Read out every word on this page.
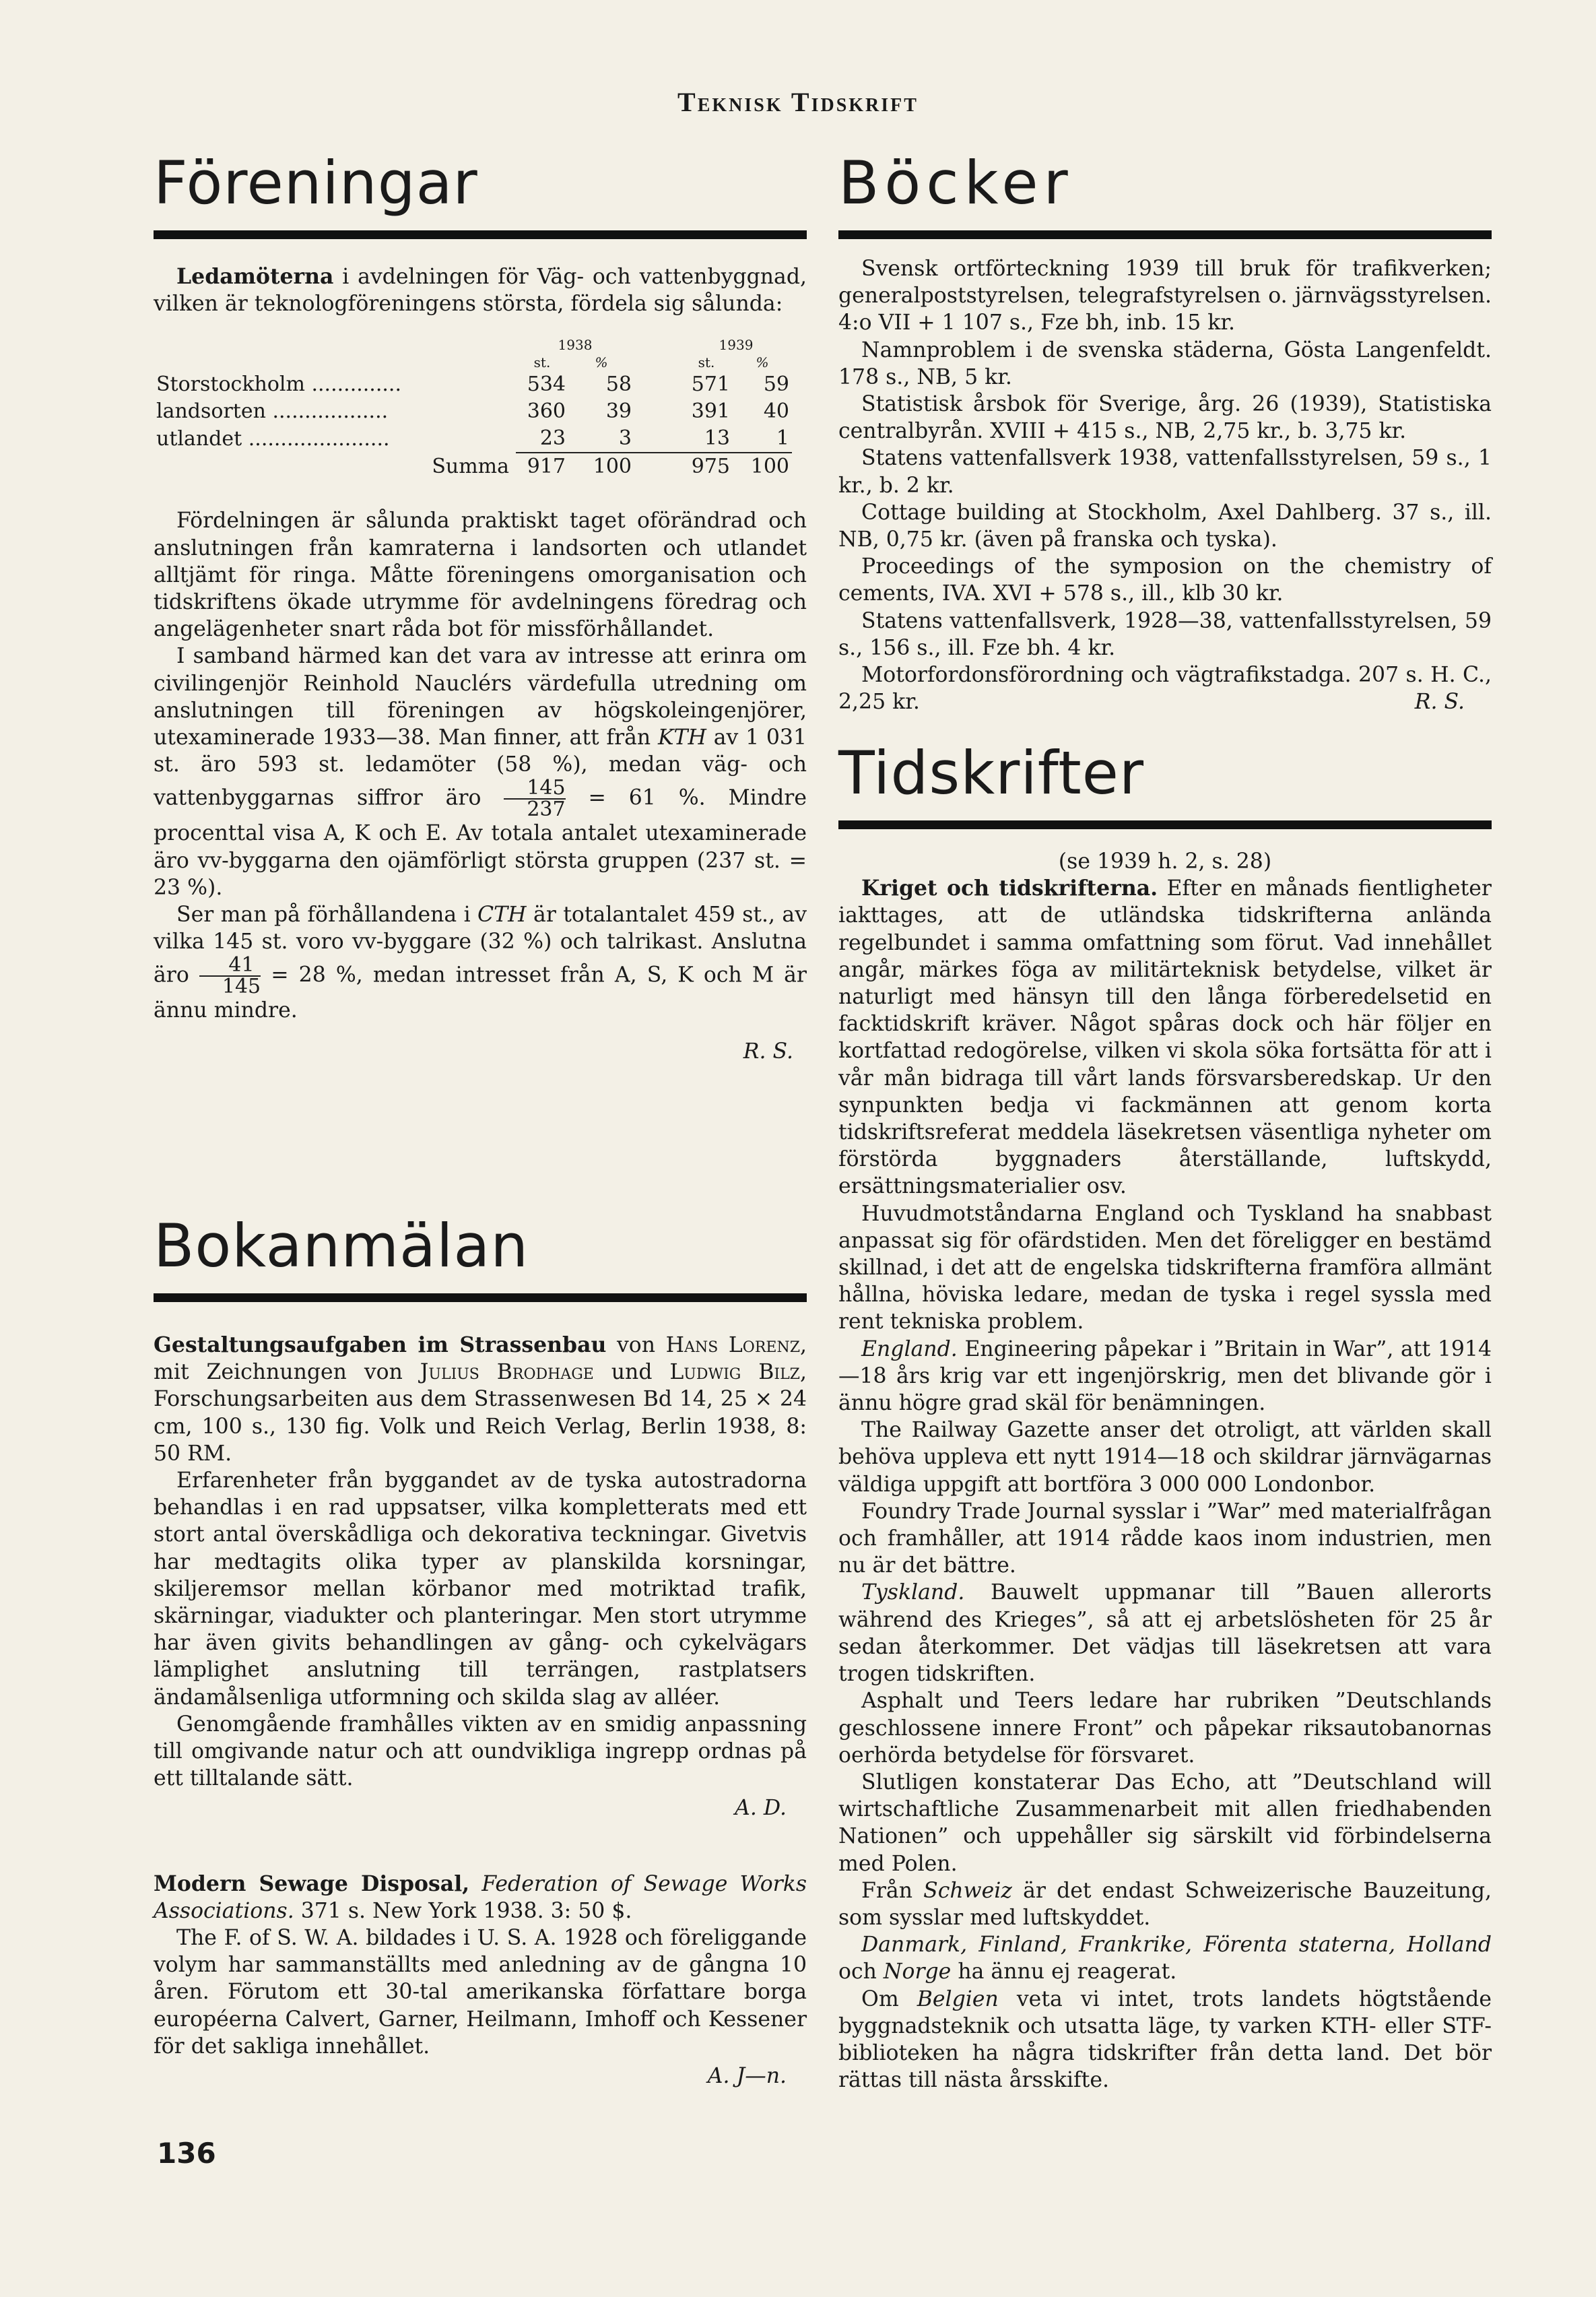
Teknisk Tidskrift
Föreningar

Ledamöterna i avdelningen för Väg- och vattenbyggnad, vilken är teknologföreningens största, fördela sig sålunda:

	1938			1939	
	st.	%		st.	%
Storstockholm ..............	534	58		571	59
landsorten ..................	360	39		391	40
utlandet ......................	23	3		13	1
Summa	917	100		975	100

Fördelningen är sålunda praktiskt taget oförändrad och anslutningen från kamraterna i landsorten och utlandet alltjämt för ringa. Måtte föreningens omorganisation och tidskriftens ökade utrymme för avdelningens föredrag och angelägenheter snart råda bot för missförhållandet.

I samband härmed kan det vara av intresse att erinra om civilingenjör Reinhold Nauclérs värdefulla utredning om anslutningen till föreningen av högskoleingenjörer, utexaminerade 1933—38. Man finner, att från KTH av 1 031 st. äro 593 st. ledamöter (58 %), medan väg- och vattenbyggarnas siffror äro $\frac{145}{237} = 61$ %. Mindre procenttal visa A, K och E. Av totala antalet utexaminerade äro vv-byggarna den ojämförligt största gruppen (237 st. = 23 %).

Ser man på förhållandena i CTH är totalantalet 459 st., av vilka 145 st. voro vv-byggare (32 %) och talrikast. Anslutna äro $\frac{41}{145} = 28$ %, medan intresset från A, S, K och M är ännu mindre.

R. S.
Bokanmälan

Gestaltungsaufgaben im Strassenbau von Hans Lorenz, mit Zeichnungen von Julius Brodhage und Ludwig Bilz, Forschungsarbeiten aus dem Strassenwesen Bd 14, 25 × 24 cm, 100 s., 130 fig. Volk und Reich Verlag, Berlin 1938, 8: 50 RM.

Erfarenheter från byggandet av de tyska autostradorna behandlas i en rad uppsatser, vilka kompletterats med ett stort antal överskådliga och dekorativa teckningar. Givetvis har medtagits olika typer av planskilda korsningar, skiljeremsor mellan körbanor med motriktad trafik, skärningar, viadukter och planteringar. Men stort utrymme har även givits behandlingen av gång- och cykelvägars lämplighet anslutning till terrängen, rastplatsers ändamålsenliga utformning och skilda slag av alléer.

Genomgående framhålles vikten av en smidig anpassning till omgivande natur och att oundvikliga ingrepp ordnas på ett tilltalande sätt.

A. D.

Modern Sewage Disposal, Federation of Sewage Works Associations. 371 s. New York 1938. 3: 50 $.

The F. of S. W. A. bildades i U. S. A. 1928 och föreliggande volym har sammanställts med anledning av de gångna 10 åren. Förutom ett 30-tal amerikanska författare borga européerna Calvert, Garner, Heilmann, Imhoff och Kessener för det sakliga innehållet.

A. J—n.
Böcker

Svensk ortförteckning 1939 till bruk för trafikverken; generalpoststyrelsen, telegrafstyrelsen o. järnvägsstyrelsen. 4:o VII + 1 107 s., Fze bh, inb. 15 kr.

Namnproblem i de svenska städerna, Gösta Langenfeldt. 178 s., NB, 5 kr.

Statistisk årsbok för Sverige, årg. 26 (1939), Statistiska centralbyrån. XVIII + 415 s., NB, 2,75 kr., b. 3,75 kr.

Statens vattenfallsverk 1938, vattenfallsstyrelsen, 59 s., 1 kr., b. 2 kr.

Cottage building at Stockholm, Axel Dahlberg. 37 s., ill. NB, 0,75 kr. (även på franska och tyska).

Proceedings of the symposion on the chemistry of cements, IVA. XVI + 578 s., ill., klb 30 kr.

Statens vattenfallsverk, 1928—38, vattenfallsstyrelsen, 59 s., 156 s., ill. Fze bh. 4 kr.

Motorfordonsförordning och vägtrafikstadga. 207 s. H. C., 2,25 kr.	R. S.
Tidskrifter

(se 1939 h. 2, s. 28)

Kriget och tidskrifterna. Efter en månads fientligheter iakttages, att de utländska tidskrifterna anlända regelbundet i samma omfattning som förut. Vad innehållet angår, märkes föga av militärteknisk betydelse, vilket är naturligt med hänsyn till den långa förberedelsetid en facktidskrift kräver. Något spåras dock och här följer en kortfattad redogörelse, vilken vi skola söka fortsätta för att i vår mån bidraga till vårt lands försvarsberedskap. Ur den synpunkten bedja vi fackmännen att genom korta tidskriftsreferat meddela läsekretsen väsentliga nyheter om förstörda byggnaders återställande, luftskydd, ersättningsmaterialier osv.

Huvudmotståndarna England och Tyskland ha snabbast anpassat sig för ofärdstiden. Men det föreligger en bestämd skillnad, i det att de engelska tidskrifterna framföra allmänt hållna, höviska ledare, medan de tyska i regel syssla med rent tekniska problem.

England. Engineering påpekar i ”Britain in War”, att 1914—18 års krig var ett ingenjörskrig, men det blivande gör i ännu högre grad skäl för benämningen.

The Railway Gazette anser det otroligt, att världen skall behöva uppleva ett nytt 1914—18 och skildrar järnvägarnas väldiga uppgift att bortföra 3 000 000 Londonbor.

Foundry Trade Journal sysslar i ”War” med materialfrågan och framhåller, att 1914 rådde kaos inom industrien, men nu är det bättre.

Tyskland. Bauwelt uppmanar till ”Bauen allerorts während des Krieges”, så att ej arbetslösheten för 25 år sedan återkommer. Det vädjas till läsekretsen att vara trogen tidskriften.

Asphalt und Teers ledare har rubriken ”Deutschlands geschlossene innere Front” och påpekar riksautobanornas oerhörda betydelse för försvaret.

Slutligen konstaterar Das Echo, att ”Deutschland will wirtschaftliche Zusammenarbeit mit allen friedhabenden Nationen” och uppehåller sig särskilt vid förbindelserna med Polen.

Från Schweiz är det endast Schweizerische Bauzeitung, som sysslar med luftskyddet.

Danmark, Finland, Frankrike, Förenta staterna, Holland och Norge ha ännu ej reagerat.

Om Belgien veta vi intet, trots landets högtstående byggnadsteknik och utsatta läge, ty varken KTH- eller STF-biblioteken ha några tidskrifter från detta land. Det bör rättas till nästa årsskifte.

136
